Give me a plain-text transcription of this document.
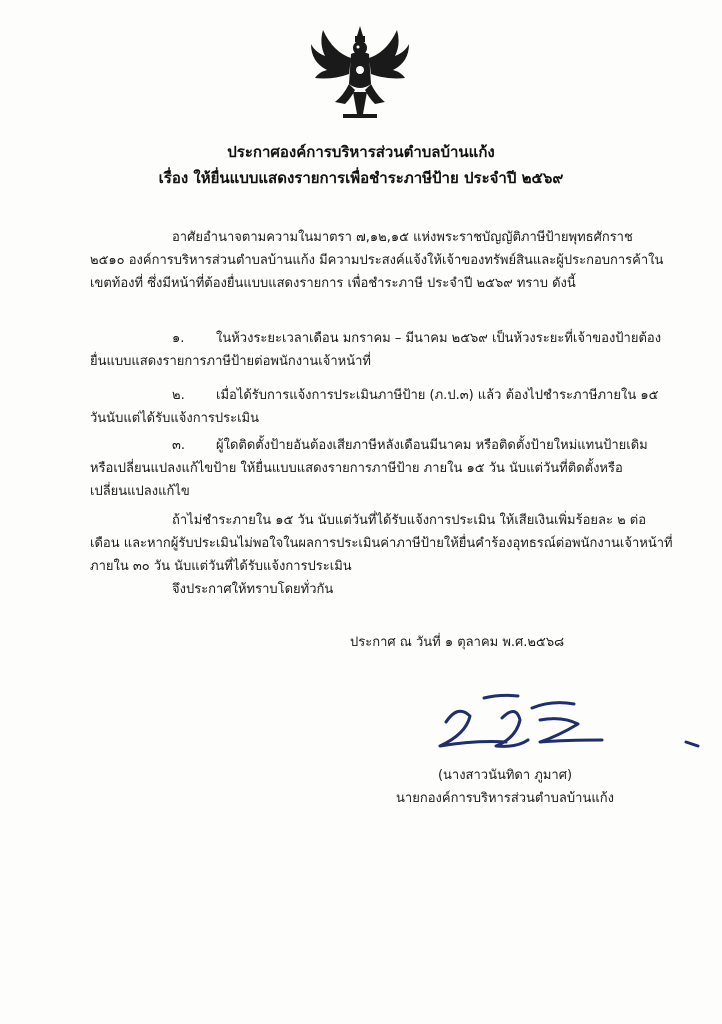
ประกาศองค์การบริหารส่วนตำบลบ้านแก้ง
เรื่อง ให้ยื่นแบบแสดงรายการเพื่อชำระภาษีป้าย ประจำปี ๒๕๖๙
อาศัยอำนาจตามความในมาตรา ๗,๑๒,๑๕ แห่งพระราชบัญญัติภาษีป้ายพุทธศักราช
๒๕๑๐ องค์การบริหารส่วนตำบลบ้านแก้ง มีความประสงค์แจ้งให้เจ้าของทรัพย์สินและผู้ประกอบการค้าใน
เขตท้องที่ ซึ่งมีหน้าที่ต้องยื่นแบบแสดงรายการ เพื่อชำระภาษี ประจำปี ๒๕๖๙ ทราบ ดังนี้
๑. ในห้วงระยะเวลาเดือน มกราคม – มีนาคม ๒๕๖๙ เป็นห้วงระยะที่เจ้าของป้ายต้อง
ยื่นแบบแสดงรายการภาษีป้ายต่อพนักงานเจ้าหน้าที่
๒. เมื่อได้รับการแจ้งการประเมินภาษีป้าย (ภ.ป.๓) แล้ว ต้องไปชำระภาษีภายใน ๑๕
วันนับแต่ได้รับแจ้งการประเมิน
๓. ผู้ใดติดตั้งป้ายอันต้องเสียภาษีหลังเดือนมีนาคม หรือติดตั้งป้ายใหม่แทนป้ายเดิม
หรือเปลี่ยนแปลงแก้ไขป้าย ให้ยื่นแบบแสดงรายการภาษีป้าย ภายใน ๑๕ วัน นับแต่วันที่ติดตั้งหรือ
เปลี่ยนแปลงแก้ไข
ถ้าไม่ชำระภายใน ๑๕ วัน นับแต่วันที่ได้รับแจ้งการประเมิน ให้เสียเงินเพิ่มร้อยละ ๒ ต่อ
เดือน และหากผู้รับประเมินไม่พอใจในผลการประเมินค่าภาษีป้ายให้ยื่นคำร้องอุทธรณ์ต่อพนักงานเจ้าหน้าที่
ภายใน ๓๐ วัน นับแต่วันที่ได้รับแจ้งการประเมิน
จึงประกาศให้ทราบโดยทั่วกัน
ประกาศ ณ วันที่ ๑ ตุลาคม พ.ศ.๒๕๖๘
(นางสาวนันทิดา ภูมาศ)
นายกองค์การบริหารส่วนตำบลบ้านแก้ง
